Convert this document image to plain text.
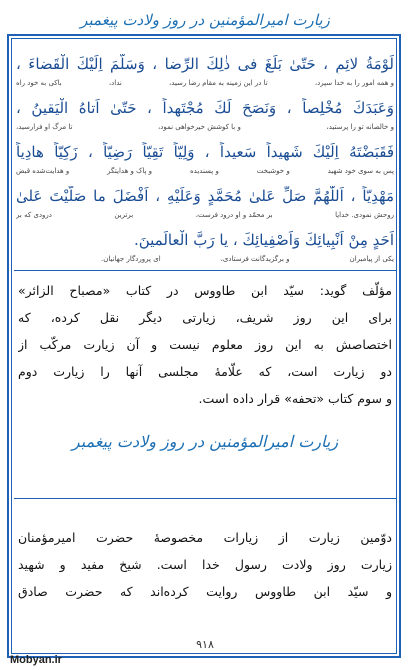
زیارت امیرالمؤمنین در روز ولادت پیغمبر
لَوْمَةُ لائِمٍ ، حَتّیٰ بَلَغَ فی ذٰلِكَ الرِّضا ، وَسَلَّمَ اِلَيْكَ الْقَضاءَ ،
و همه امور را به خدا سپرد،
تا در این زمینه به مقام رضا رسید،
نداد،
باکی به خود راه
وَعَبَدَكَ مُخْلِصاً ، وَنَصَحَ لَكَ مُجْتَهِداً ، حَتّیٰ اَتاهُ الْيَقينُ ،
و خالصانه تو را پرستید،
و با کوشش خیرخواهی نمود،
تا مرگ او فرارسید،
فَقَبَضْتَهُ اِلَيْكَ شَهيداً سَعيداً ، وَلِيّاً تَقِيّاً رَضِيّاً ، زَكِيّاً هادِياً
پس به سوی خود شهید
و خوشبخت
و پسندیده
و پاک و هدایتگر
و هدایت‌شده قبض
مَهْدِيّاً ، اَللّٰهُمَّ صَلِّ عَلیٰ مُحَمَّدٍ وَعَلَيْهِ ، اَفْضَلَ ما صَلَّيْتَ عَلیٰ
روحش نمودی. خدایا
بر محمّد و او درود فرست،
برترین
درودی که بر
اَحَدٍ مِنْ اَنْبِيائِكَ وَاَصْفِيائِكَ ، يا رَبَّ الْعالَمينَ.
یکی از پیامبران
و برگزیدگانت فرستادی،
ای پروردگار جهانیان.
مؤلّف گوید: سیّد ابن طاووس در کتاب «مصباح الزائر»
برای این روز شریف، زیارتی دیگر نقل کرده، که
اختصاصش به این روز معلوم نیست و آن زیارت مرکّب از
دو زیارت است، که علّامهٔ مجلسی آنها را زیارت دوم
و سوم کتاب «تحفه» قرار داده است.
زیارت امیرالمؤمنین در روز ولادت پیغمبر
دوّمین زیارت از زیارات مخصوصهٔ حضرت امیرمؤمنان
زیارت روز ولادت رسول خدا است. شیخ مفید و شهید
و سیّد ابن طاووس روایت کرده‌اند که حضرت صادق
۹۱۸
Mobyan.ir
